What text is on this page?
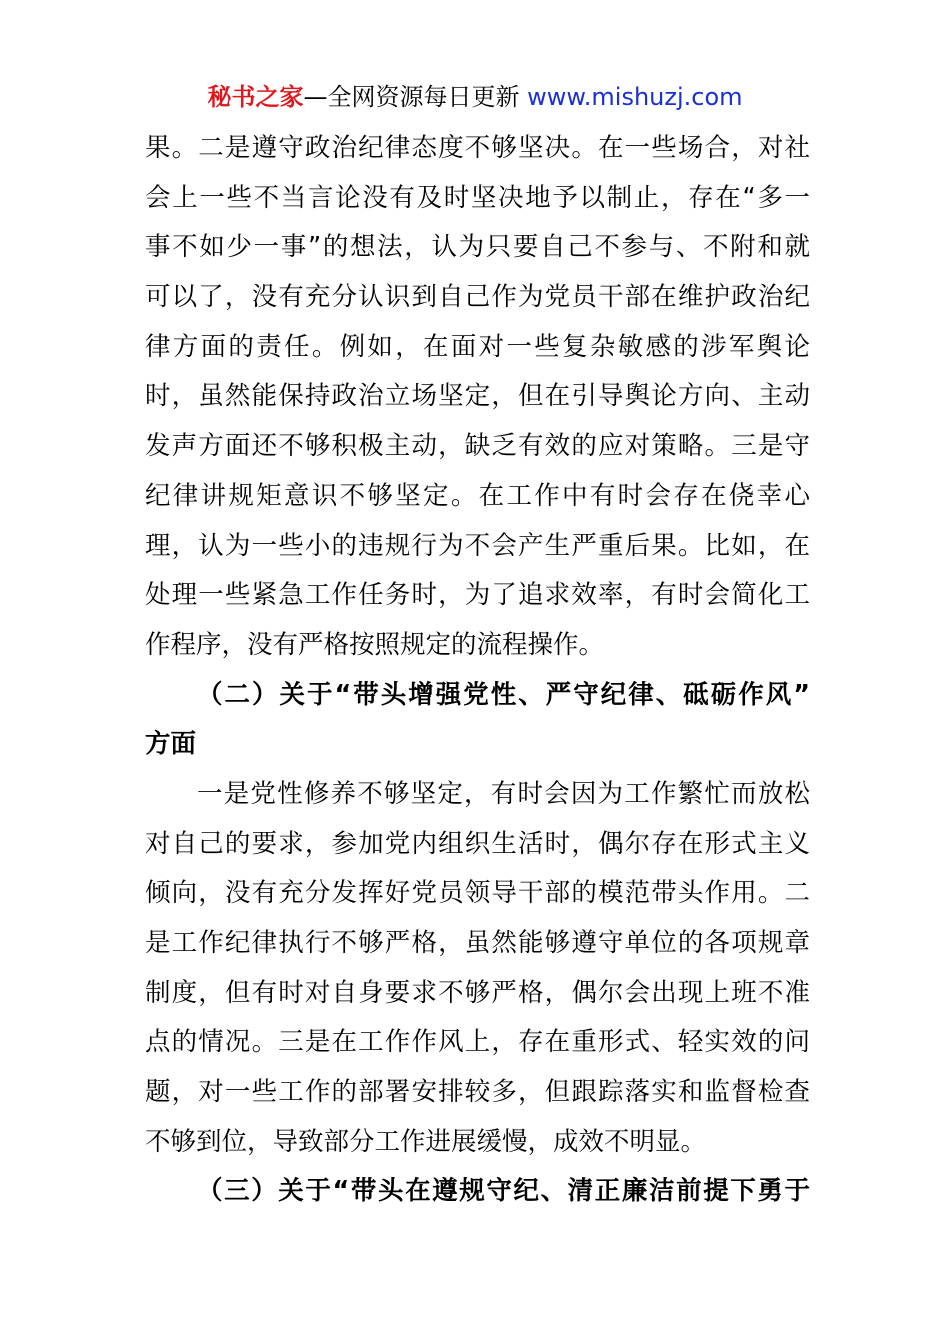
秘书之家—全网资源每日更新 www.mishuzj.com
果。二是遵守政治纪律态度不够坚决。在一些场合，对社
会上一些不当言论没有及时坚决地予以制止，存在“多一
事不如少一事”的想法，认为只要自己不参与、不附和就
可以了，没有充分认识到自己作为党员干部在维护政治纪
律方面的责任。例如，在面对一些复杂敏感的涉军舆论
时，虽然能保持政治立场坚定，但在引导舆论方向、主动
发声方面还不够积极主动，缺乏有效的应对策略。三是守
纪律讲规矩意识不够坚定。在工作中有时会存在侥幸心
理，认为一些小的违规行为不会产生严重后果。比如，在
处理一些紧急工作任务时，为了追求效率，有时会简化工
作程序，没有严格按照规定的流程操作。
（二）关于“带头增强党性、严守纪律、砥砺作风”
方面
一是党性修养不够坚定，有时会因为工作繁忙而放松
对自己的要求，参加党内组织生活时，偶尔存在形式主义
倾向，没有充分发挥好党员领导干部的模范带头作用。二
是工作纪律执行不够严格，虽然能够遵守单位的各项规章
制度，但有时对自身要求不够严格，偶尔会出现上班不准
点的情况。三是在工作作风上，存在重形式、轻实效的问
题，对一些工作的部署安排较多，但跟踪落实和监督检查
不够到位，导致部分工作进展缓慢，成效不明显。
（三）关于“带头在遵规守纪、清正廉洁前提下勇于
